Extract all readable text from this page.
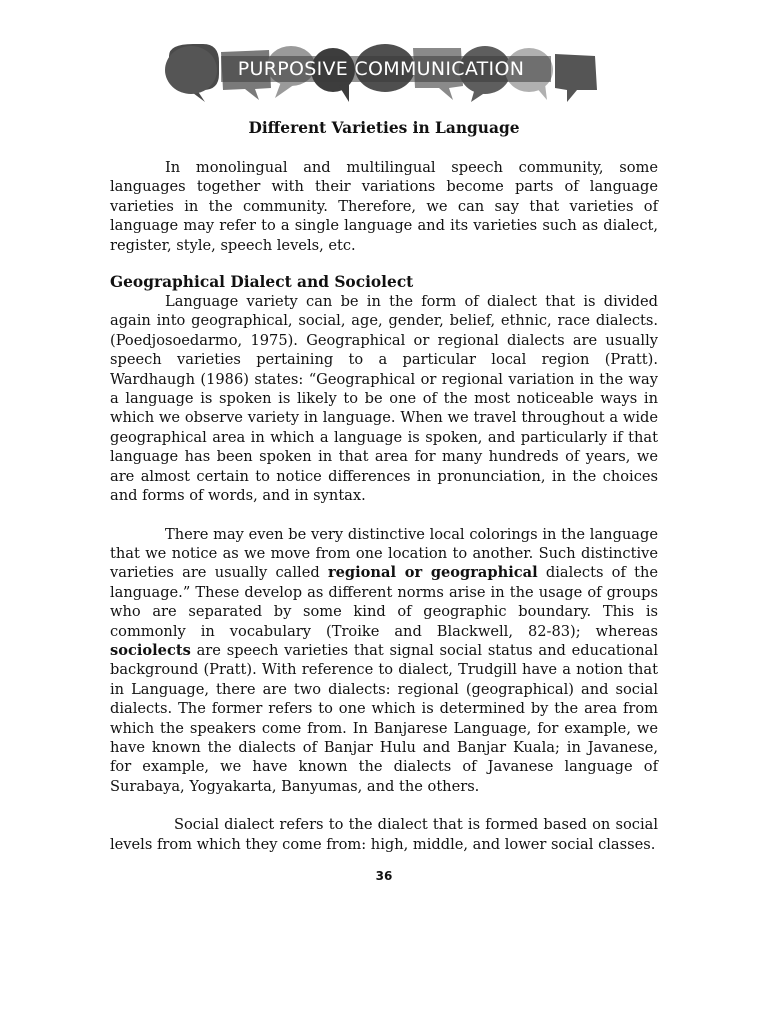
PURPOSIVE COMMUNICATION
Different Varieties in Language

In monolingual and multilingual speech community, some languages together with their variations become parts of language varieties in the community. Therefore, we can say that varieties of language may refer to a single language and its varieties such as dialect, register, style, speech levels, etc.

Geographical Dialect and Sociolect

Language variety can be in the form of dialect that is divided again into geographical, social, age, gender, belief, ethnic, race dialects. (Poedjosoedarmo, 1975). Geographical or regional dialects are usually speech varieties pertaining to a particular local region (Pratt). Wardhaugh (1986) states: “Geographical or regional variation in the way a language is spoken is likely to be one of the most noticeable ways in which we observe variety in language. When we travel throughout a wide geographical area in which a language is spoken, and particularly if that language has been spoken in that area for many hundreds of years, we are almost certain to notice differences in pronunciation, in the choices and forms of words, and in syntax.

There may even be very distinctive local colorings in the language that we notice as we move from one location to another. Such distinctive varieties are usually called regional or geographical dialects of the language.” These develop as different norms arise in the usage of groups who are separated by some kind of geographic boundary. This is commonly in vocabulary (Troike and Blackwell, 82-83); whereas sociolects are speech varieties that signal social status and educational background (Pratt). With reference to dialect, Trudgill have a notion that in Language, there are two dialects: regional (geographical) and social dialects. The former refers to one which is determined by the area from which the speakers come from. In Banjarese Language, for example, we have known the dialects of Banjar Hulu and Banjar Kuala; in Javanese, for example, we have known the dialects of Javanese language of Surabaya, Yogyakarta, Banyumas, and the others.

Social dialect refers to the dialect that is formed based on social levels from which they come from: high, middle, and lower social classes.

36
